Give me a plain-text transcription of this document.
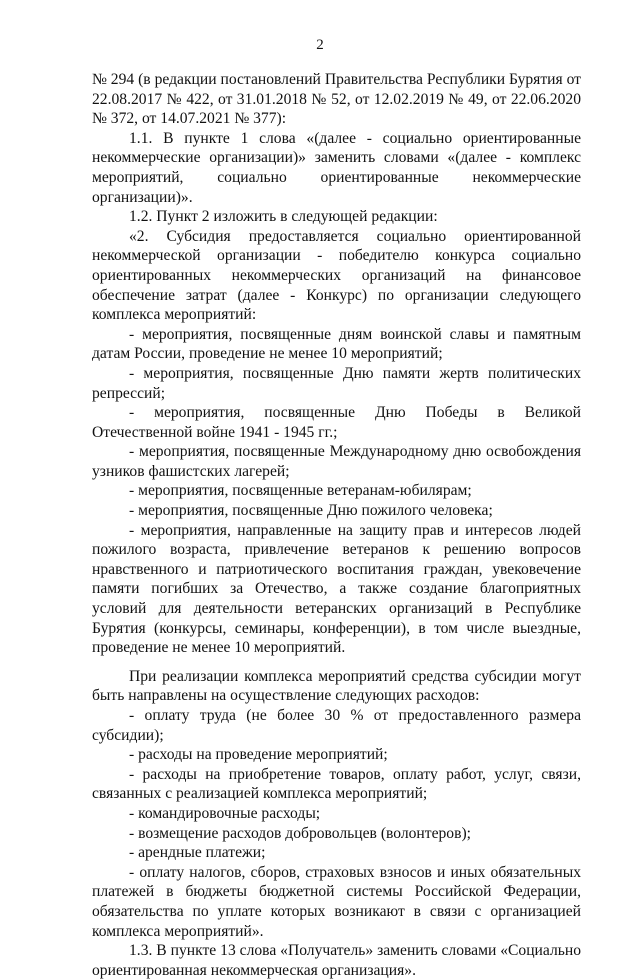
2

№ 294 (в редакции постановлений Правительства Республики Бурятия от 22.08.2017 № 422, от 31.01.2018 № 52, от 12.02.2019 № 49, от 22.06.2020 № 372, от 14.07.2021 № 377):

1.1. В пункте 1 слова «(далее - социально ориентированные некоммерческие организации)» заменить словами «(далее - комплекс мероприятий, социально ориентированные некоммерческие организации)».

1.2. Пункт 2 изложить в следующей редакции:

«2. Субсидия предоставляется социально ориентированной некоммерческой организации - победителю конкурса социально ориентированных некоммерческих организаций на финансовое обеспечение затрат (далее - Конкурс) по организации следующего комплекса мероприятий:

- мероприятия, посвященные дням воинской славы и памятным датам России, проведение не менее 10 мероприятий;

- мероприятия, посвященные Дню памяти жертв политических репрессий;

- мероприятия, посвященные Дню Победы в Великой Отечественной войне 1941 - 1945 гг.;

- мероприятия, посвященные Международному дню освобождения узников фашистских лагерей;

- мероприятия, посвященные ветеранам-юбилярам;

- мероприятия, посвященные Дню пожилого человека;

- мероприятия, направленные на защиту прав и интересов людей пожилого возраста, привлечение ветеранов к решению вопросов нравственного и патриотического воспитания граждан, увековечение памяти погибших за Отечество, а также создание благоприятных условий для деятельности ветеранских организаций в Республике Бурятия (конкурсы, семинары, конференции), в том числе выездные, проведение не менее 10 мероприятий.

При реализации комплекса мероприятий средства субсидии могут быть направлены на осуществление следующих расходов:

- оплату труда (не более 30 % от предоставленного размера субсидии);

- расходы на проведение мероприятий;

- расходы на приобретение товаров, оплату работ, услуг, связи, связанных с реализацией комплекса мероприятий;

- командировочные расходы;

- возмещение расходов добровольцев (волонтеров);

- арендные платежи;

- оплату налогов, сборов, страховых взносов и иных обязательных платежей в бюджеты бюджетной системы Российской Федерации, обязательства по уплате которых возникают в связи с организацией комплекса мероприятий».

1.3. В пункте 13 слова «Получатель» заменить словами «Социально ориентированная некоммерческая организация».
